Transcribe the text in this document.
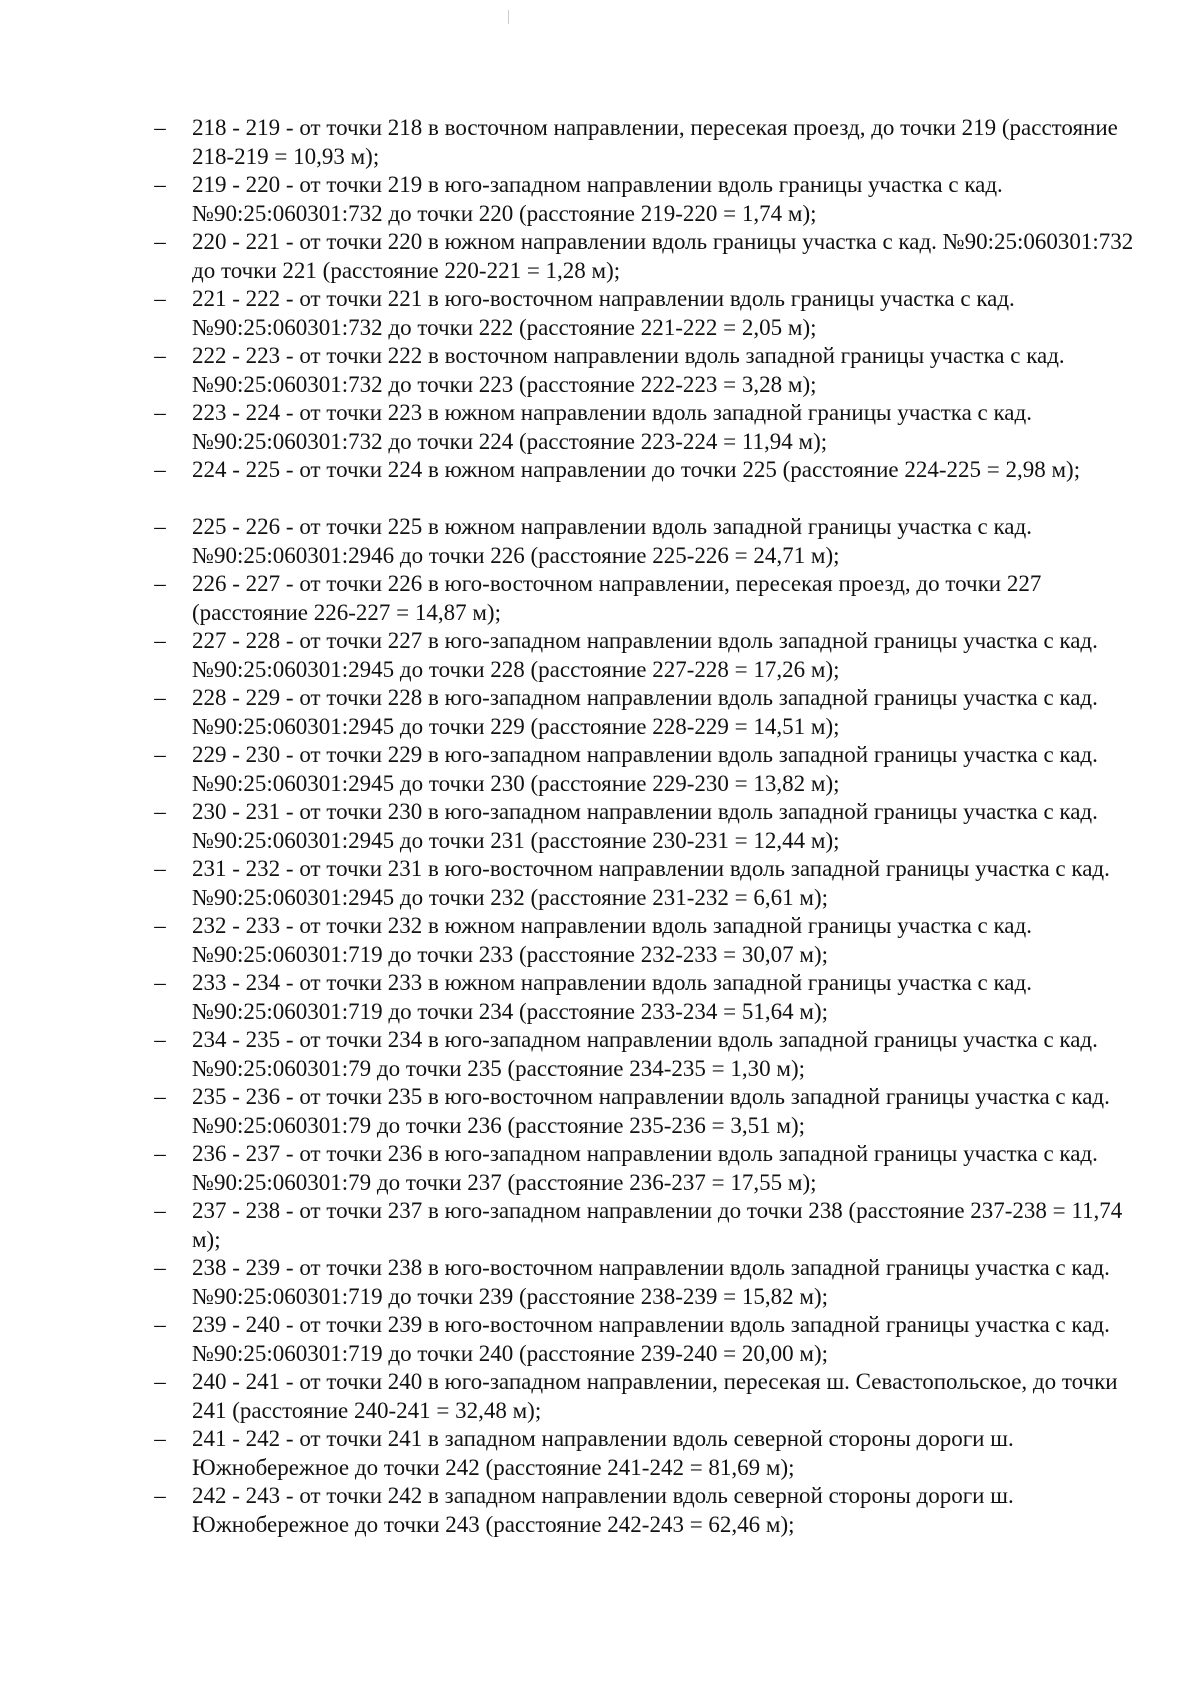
– 218 - 219 - от точки 218 в восточном направлении, пересекая проезд, до точки 219 (расстояние 218-219 = 10,93 м);
– 219 - 220 - от точки 219 в юго-западном направлении вдоль границы участка с кад. №90:25:060301:732 до точки 220 (расстояние 219-220 = 1,74 м);
– 220 - 221 - от точки 220 в южном направлении вдоль границы участка с кад. №90:25:060301:732 до точки 221 (расстояние 220-221 = 1,28 м);
– 221 - 222 - от точки 221 в юго-восточном направлении вдоль границы участка с кад. №90:25:060301:732 до точки 222 (расстояние 221-222 = 2,05 м);
– 222 - 223 - от точки 222 в восточном направлении вдоль западной границы участка с кад. №90:25:060301:732 до точки 223 (расстояние 222-223 = 3,28 м);
– 223 - 224 - от точки 223 в южном направлении вдоль западной границы участка с кад. №90:25:060301:732 до точки 224 (расстояние 223-224 = 11,94 м);
– 224 - 225 - от точки 224 в южном направлении до точки 225 (расстояние 224-225 = 2,98 м);
– 225 - 226 - от точки 225 в южном направлении вдоль западной границы участка с кад. №90:25:060301:2946 до точки 226 (расстояние 225-226 = 24,71 м);
– 226 - 227 - от точки 226 в юго-восточном направлении, пересекая проезд, до точки 227 (расстояние 226-227 = 14,87 м);
– 227 - 228 - от точки 227 в юго-западном направлении вдоль западной границы участка с кад. №90:25:060301:2945 до точки 228 (расстояние 227-228 = 17,26 м);
– 228 - 229 - от точки 228 в юго-западном направлении вдоль западной границы участка с кад. №90:25:060301:2945 до точки 229 (расстояние 228-229 = 14,51 м);
– 229 - 230 - от точки 229 в юго-западном направлении вдоль западной границы участка с кад. №90:25:060301:2945 до точки 230 (расстояние 229-230 = 13,82 м);
– 230 - 231 - от точки 230 в юго-западном направлении вдоль западной границы участка с кад. №90:25:060301:2945 до точки 231 (расстояние 230-231 = 12,44 м);
– 231 - 232 - от точки 231 в юго-восточном направлении вдоль западной границы участка с кад. №90:25:060301:2945 до точки 232 (расстояние 231-232 = 6,61 м);
– 232 - 233 - от точки 232 в южном направлении вдоль западной границы участка с кад. №90:25:060301:719 до точки 233 (расстояние 232-233 = 30,07 м);
– 233 - 234 - от точки 233 в южном направлении вдоль западной границы участка с кад. №90:25:060301:719 до точки 234 (расстояние 233-234 = 51,64 м);
– 234 - 235 - от точки 234 в юго-западном направлении вдоль западной границы участка с кад. №90:25:060301:79 до точки 235 (расстояние 234-235 = 1,30 м);
– 235 - 236 - от точки 235 в юго-восточном направлении вдоль западной границы участка с кад. №90:25:060301:79 до точки 236 (расстояние 235-236 = 3,51 м);
– 236 - 237 - от точки 236 в юго-западном направлении вдоль западной границы участка с кад. №90:25:060301:79 до точки 237 (расстояние 236-237 = 17,55 м);
– 237 - 238 - от точки 237 в юго-западном направлении до точки 238 (расстояние 237-238 = 11,74 м);
– 238 - 239 - от точки 238 в юго-восточном направлении вдоль западной границы участка с кад. №90:25:060301:719 до точки 239 (расстояние 238-239 = 15,82 м);
– 239 - 240 - от точки 239 в юго-восточном направлении вдоль западной границы участка с кад. №90:25:060301:719 до точки 240 (расстояние 239-240 = 20,00 м);
– 240 - 241 - от точки 240 в юго-западном направлении, пересекая ш. Севастопольское, до точки 241 (расстояние 240-241 = 32,48 м);
– 241 - 242 - от точки 241 в западном направлении вдоль северной стороны дороги ш. Южнобережное до точки 242 (расстояние 241-242 = 81,69 м);
– 242 - 243 - от точки 242 в западном направлении вдоль северной стороны дороги ш. Южнобережное до точки 243 (расстояние 242-243 = 62,46 м);
